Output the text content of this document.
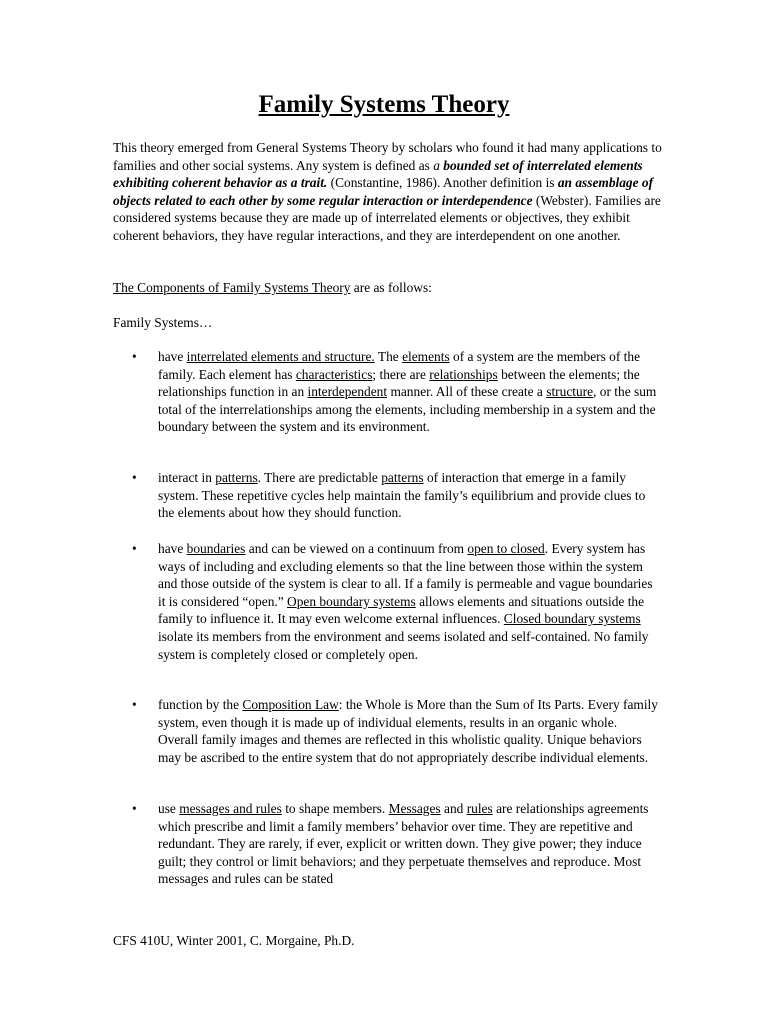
Family Systems Theory

This theory emerged from General Systems Theory by scholars who found it had many applications to families and other social systems. Any system is defined as a bounded set of interrelated elements exhibiting coherent behavior as a trait. (Constantine, 1986). Another definition is an assemblage of objects related to each other by some regular interaction or interdependence (Webster). Families are considered systems because they are made up of interrelated elements or objectives, they exhibit coherent behaviors, they have regular interactions, and they are interdependent on one another.

The Components of Family Systems Theory are as follows:

Family Systems…

• have interrelated elements and structure. The elements of a system are the members of the family. Each element has characteristics; there are relationships between the elements; the relationships function in an interdependent manner. All of these create a structure, or the sum total of the interrelationships among the elements, including membership in a system and the boundary between the system and its environment.

• interact in patterns. There are predictable patterns of interaction that emerge in a family system. These repetitive cycles help maintain the family’s equilibrium and provide clues to the elements about how they should function.

• have boundaries and can be viewed on a continuum from open to closed. Every system has ways of including and excluding elements so that the line between those within the system and those outside of the system is clear to all. If a family is permeable and vague boundaries it is considered “open.” Open boundary systems allows elements and situations outside the family to influence it. It may even welcome external influences. Closed boundary systems isolate its members from the environment and seems isolated and self-contained. No family system is completely closed or completely open.

• function by the Composition Law: the Whole is More than the Sum of Its Parts. Every family system, even though it is made up of individual elements, results in an organic whole. Overall family images and themes are reflected in this wholistic quality. Unique behaviors may be ascribed to the entire system that do not appropriately describe individual elements.

• use messages and rules to shape members. Messages and rules are relationships agreements which prescribe and limit a family members’ behavior over time. They are repetitive and redundant. They are rarely, if ever, explicit or written down. They give power; they induce guilt; they control or limit behaviors; and they perpetuate themselves and reproduce. Most messages and rules can be stated

CFS 410U, Winter 2001, C. Morgaine, Ph.D.
